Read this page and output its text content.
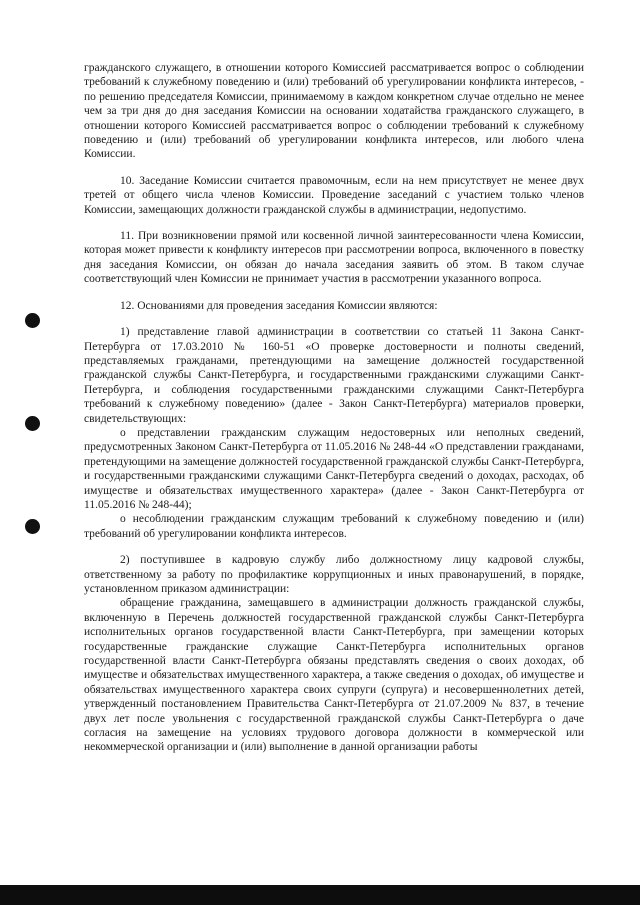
гражданского служащего, в отношении которого Комиссией рассматривается вопрос о соблюдении требований к служебному поведению и (или) требований об урегулировании конфликта интересов, - по решению председателя Комиссии, принимаемому в каждом конкретном случае отдельно не менее чем за три дня до дня заседания Комиссии на основании ходатайства гражданского служащего, в отношении которого Комиссией рассматривается вопрос о соблюдении требований к служебному поведению и (или) требований об урегулировании конфликта интересов, или любого члена Комиссии.

10. Заседание Комиссии считается правомочным, если на нем присутствует не менее двух третей от общего числа членов Комиссии. Проведение заседаний с участием только членов Комиссии, замещающих должности гражданской службы в администрации, недопустимо.

11. При возникновении прямой или косвенной личной заинтересованности члена Комиссии, которая может привести к конфликту интересов при рассмотрении вопроса, включенного в повестку дня заседания Комиссии, он обязан до начала заседания заявить об этом. В таком случае соответствующий член Комиссии не принимает участия в рассмотрении указанного вопроса.

12. Основаниями для проведения заседания Комиссии являются:

1) представление главой администрации в соответствии со статьей 11 Закона Санкт-Петербурга от 17.03.2010 № 160-51 «О проверке достоверности и полноты сведений, представляемых гражданами, претендующими на замещение должностей государственной гражданской службы Санкт-Петербурга, и государственными гражданскими служащими Санкт-Петербурга, и соблюдения государственными гражданскими служащими Санкт-Петербурга требований к служебному поведению» (далее - Закон Санкт-Петербурга) материалов проверки, свидетельствующих:

о представлении гражданским служащим недостоверных или неполных сведений, предусмотренных Законом Санкт-Петербурга от 11.05.2016 № 248-44 «О представлении гражданами, претендующими на замещение должностей государственной гражданской службы Санкт-Петербурга, и государственными гражданскими служащими Санкт-Петербурга сведений о доходах, расходах, об имуществе и обязательствах имущественного характера» (далее - Закон Санкт-Петербурга от 11.05.2016 № 248-44);

о несоблюдении гражданским служащим требований к служебному поведению и (или) требований об урегулировании конфликта интересов.

2) поступившее в кадровую службу либо должностному лицу кадровой службы, ответственному за работу по профилактике коррупционных и иных правонарушений, в порядке, установленном приказом администрации:

обращение гражданина, замещавшего в администрации должность гражданской службы, включенную в Перечень должностей государственной гражданской службы Санкт-Петербурга исполнительных органов государственной власти Санкт-Петербурга, при замещении которых государственные гражданские служащие Санкт-Петербурга исполнительных органов государственной власти Санкт-Петербурга обязаны представлять сведения о своих доходах, об имуществе и обязательствах имущественного характера, а также сведения о доходах, об имуществе и обязательствах имущественного характера своих супруги (супруга) и несовершеннолетних детей, утвержденный постановлением Правительства Санкт-Петербурга от 21.07.2009 № 837, в течение двух лет после увольнения с государственной гражданской службы Санкт-Петербурга о даче согласия на замещение на условиях трудового договора должности в коммерческой или некоммерческой организации и (или) выполнение в данной организации работы
